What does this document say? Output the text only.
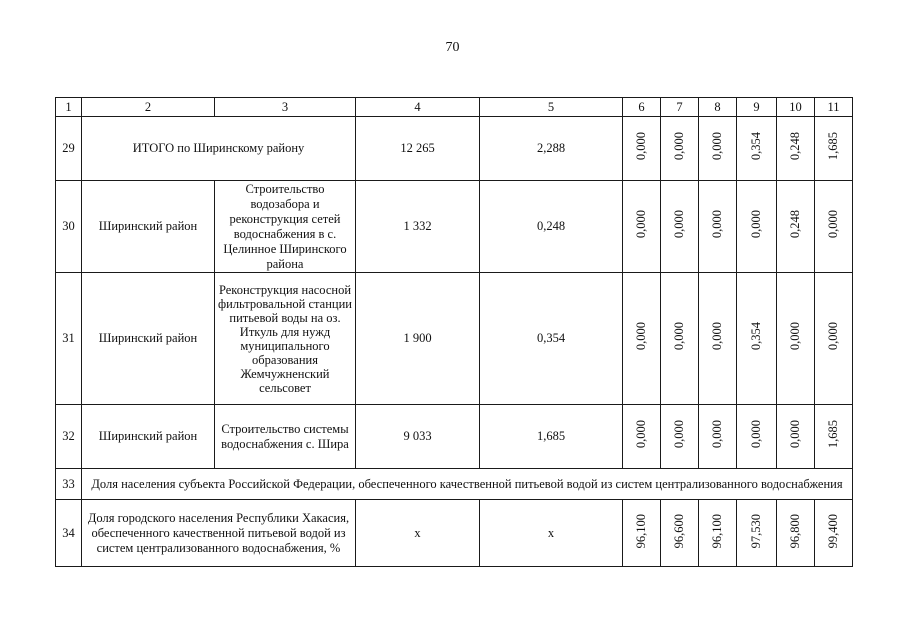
70
1	2	3	4	5	6	7	8	9	10	11
29	ИТОГО по Ширинскому району		12 265	2,288	0,000	0,000	0,000	0,354	0,248	1,685
30	Ширинский район	Строительство водозабора и реконструкция сетей водоснабжения в с. Целинное Ширинского района	1 332	0,248	0,000	0,000	0,000	0,000	0,248	0,000
31	Ширинский район	Реконструкция насосной фильтровальной станции питьевой воды на оз. Иткуль для нужд муниципального образования Жемчужненский сельсовет	1 900	0,354	0,000	0,000	0,000	0,354	0,000	0,000
32	Ширинский район	Строительство системы водоснабжения с. Шира	9 033	1,685	0,000	0,000	0,000	0,000	0,000	1,685
33	Доля населения субъекта Российской Федерации, обеспеченного качественной питьевой водой из систем централизованного водоснабжения									
34	Доля городского населения Республики Хакасия, обеспеченного качественной питьевой водой из систем централизованного водоснабжения, %		х	х	96,100	96,600	96,100	97,530	96,800	99,400
